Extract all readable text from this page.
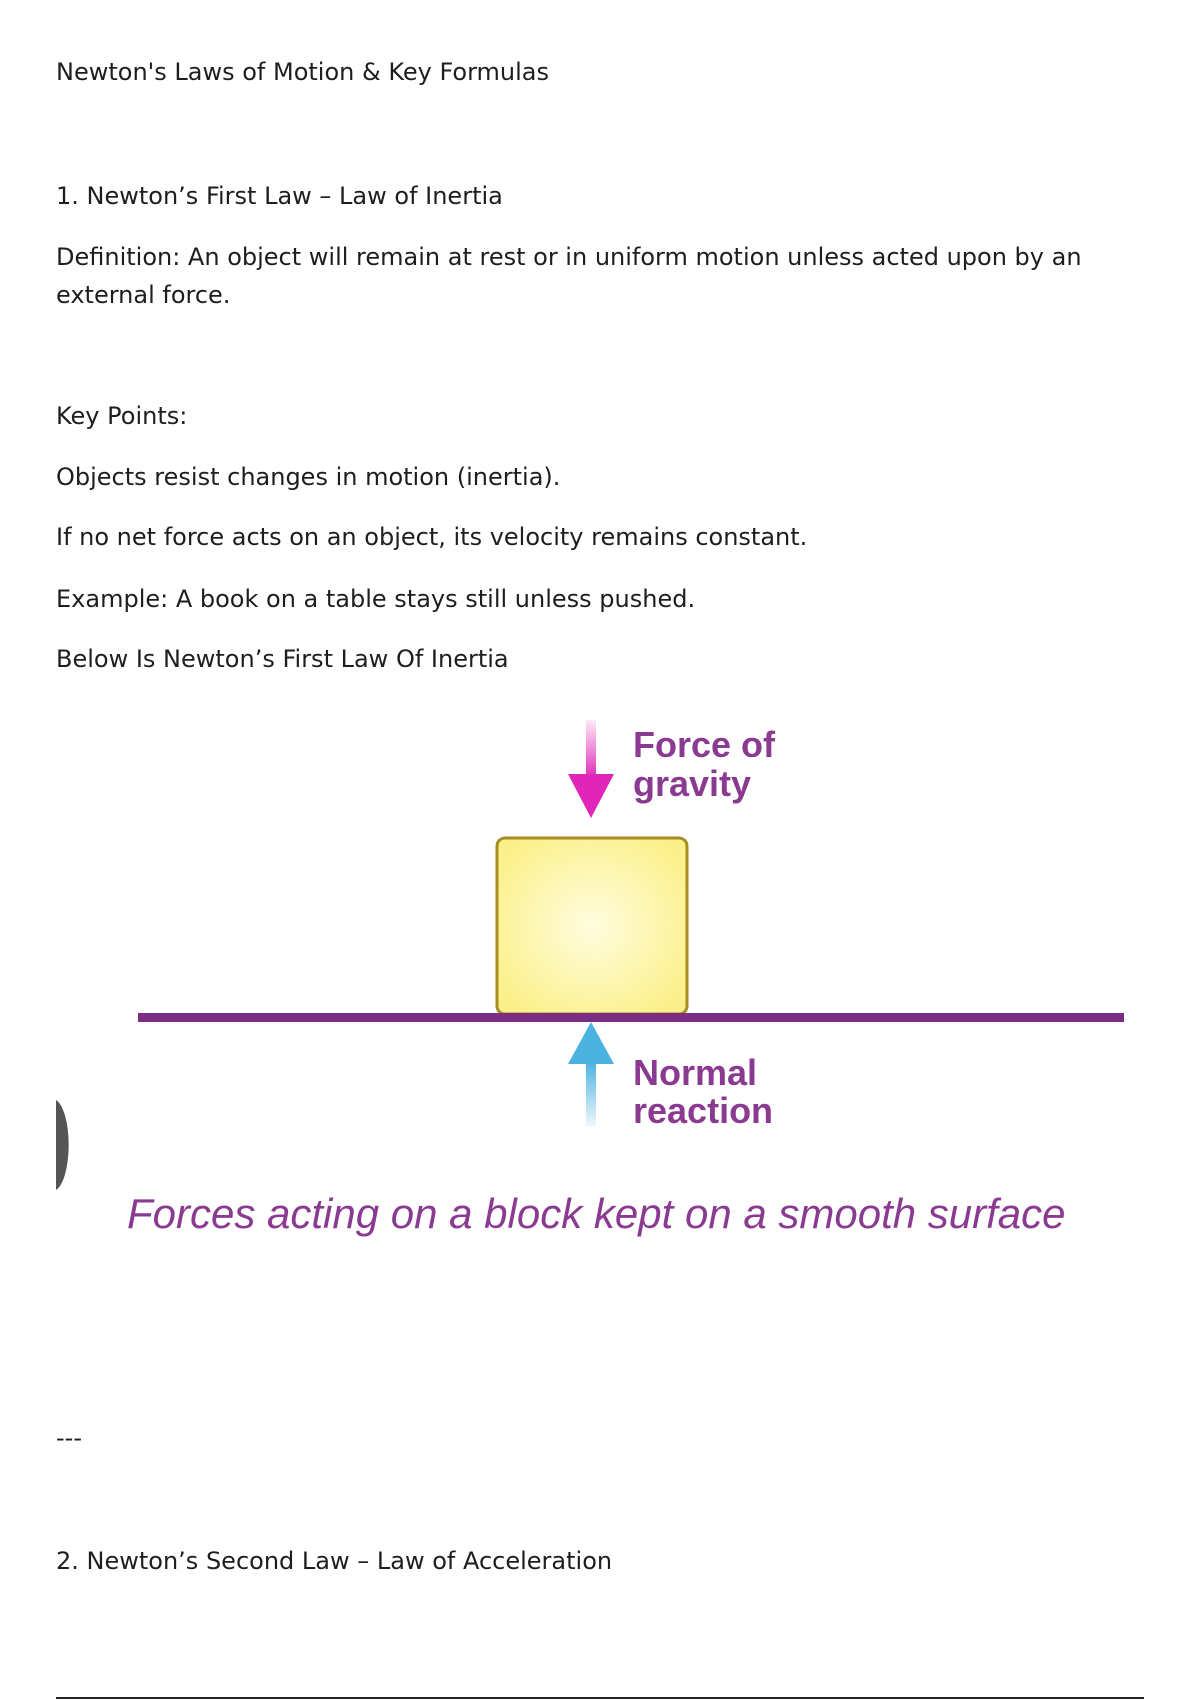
Newton's Laws of Motion & Key Formulas

1. Newton’s First Law – Law of Inertia

Definition: An object will remain at rest or in uniform motion unless acted upon by an external force.

Key Points:

Objects resist changes in motion (inertia).

If no net force acts on an object, its velocity remains constant.

Example: A book on a table stays still unless pushed.

Below Is Newton’s First Law Of Inertia

Force of
gravity
Normal
reaction
Forces acting on a block kept on a smooth surface

---

2. Newton’s Second Law – Law of Acceleration
